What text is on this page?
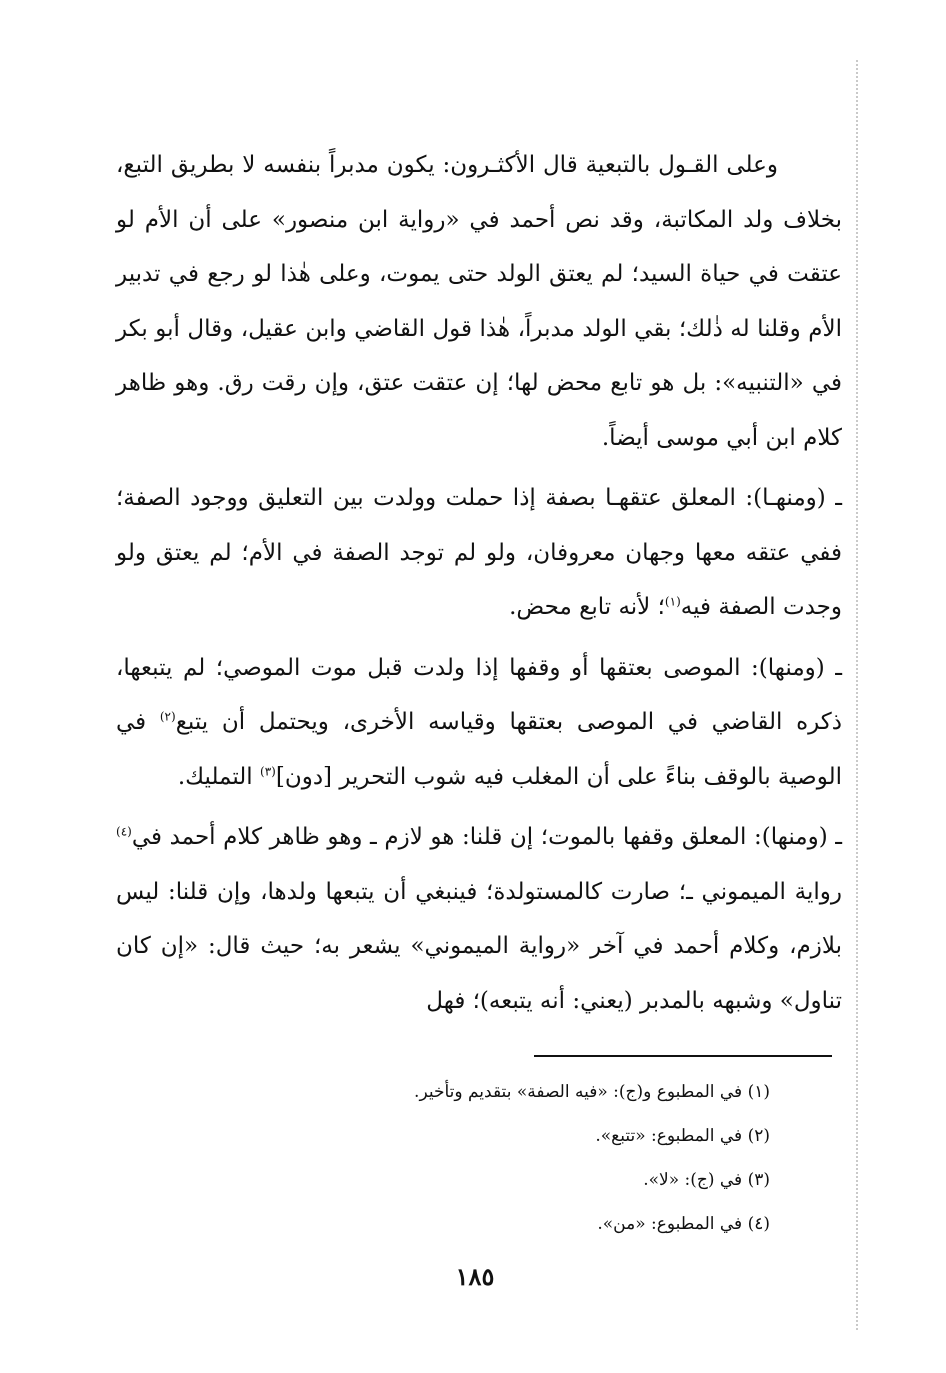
وعلى القـول بالتبعية قال الأكثـرون: يكون مدبراً بنفسه لا بطريق التبع، بخلاف ولد المكاتبة، وقد نص أحمد في «رواية ابن منصور» على أن الأم لو عتقت في حياة السيد؛ لم يعتق الولد حتى يموت، وعلى هٰذا لو رجع في تدبير الأم وقلنا له ذٰلك؛ بقي الولد مدبراً، هٰذا قول القاضي وابن عقيل، وقال أبو بكر في «التنبيه»: بل هو تابع محض لها؛ إن عتقت عتق، وإن رقت رق. وهو ظاهر كلام ابن أبي موسى أيضاً.

ـ (ومنهـا): المعلق عتقهـا بصفة إذا حملت وولدت بين التعليق ووجود الصفة؛ ففي عتقه معها وجهان معروفان، ولو لم توجد الصفة في الأم؛ لم يعتق ولو وجدت الصفة فيه$^{(١)}$؛ لأنه تابع محض.

ـ (ومنها): الموصى بعتقها أو وقفها إذا ولدت قبل موت الموصي؛ لم يتبعها، ذكره القاضي في الموصى بعتقها وقياسه الأخرى، ويحتمل أن يتبع$^{(٢)}$ في الوصية بالوقف بناءً على أن المغلب فيه شوب التحرير [دون]$^{(٣)}$ التمليك.

ـ (ومنها): المعلق وقفها بالموت؛ إن قلنا: هو لازم ـ وهو ظاهر كلام أحمد في$^{(٤)}$ رواية الميموني ـ؛ صارت كالمستولدة؛ فينبغي أن يتبعها ولدها، وإن قلنا: ليس بلازم، وكلام أحمد في آخر «رواية الميموني» يشعر به؛ حيث قال: «إن كان تناول» وشبهه بالمدبر (يعني: أنه يتبعه)؛ فهل

(١) في المطبوع و(ج): «فيه الصفة» بتقديم وتأخير.

(٢) في المطبوع: «تتبع».

(٣) في (ج): «لا».

(٤) في المطبوع: «من».

١٨٥
